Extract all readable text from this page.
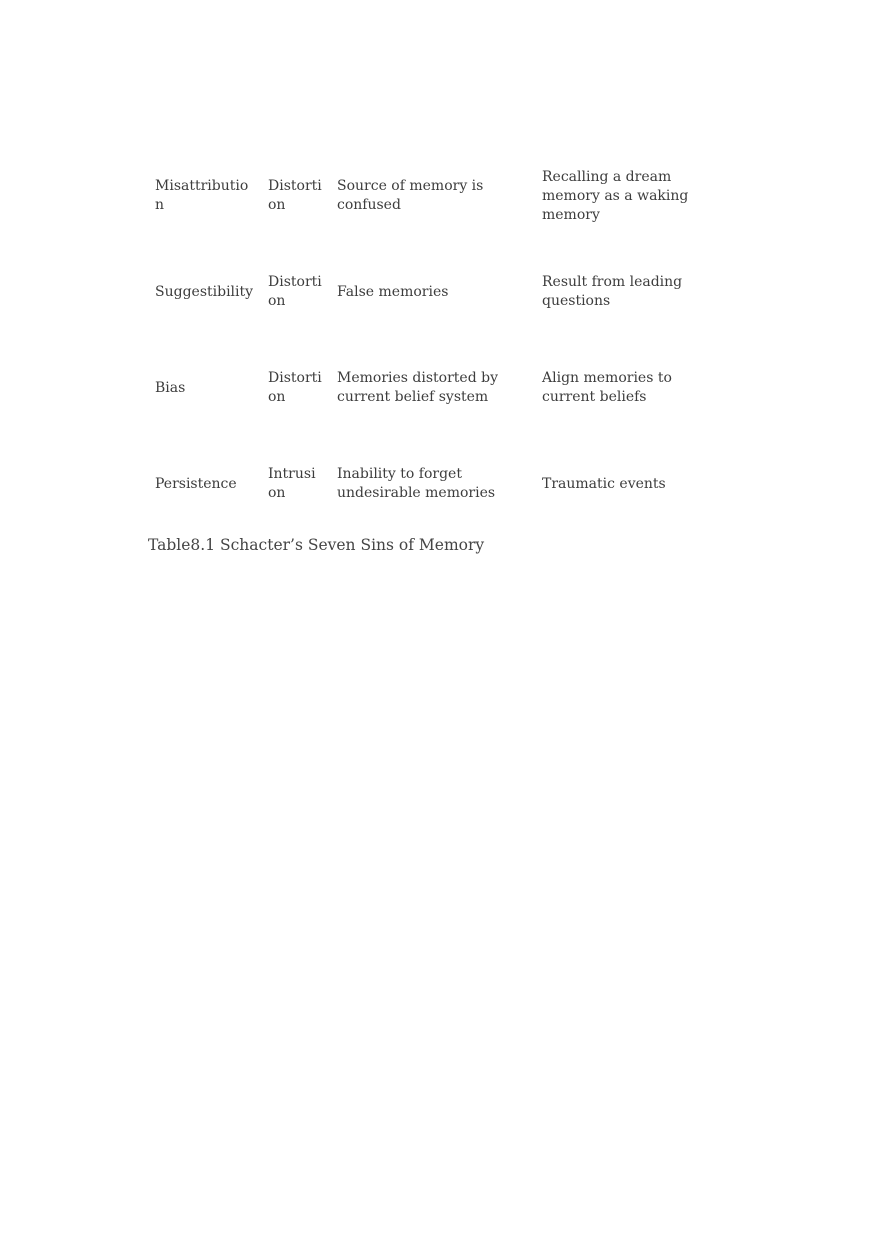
Misattribution	Distortion	Source of memory is confused	Recalling a dream memory as a waking memory
Suggestibility	Distortion	False memories	Result from leading questions
Bias	Distortion	Memories distorted by current belief system	Align memories to current beliefs
Persistence	Intrusion	Inability to forget undesirable memories	Traumatic events
Table8.1 Schacter’s Seven Sins of Memory
